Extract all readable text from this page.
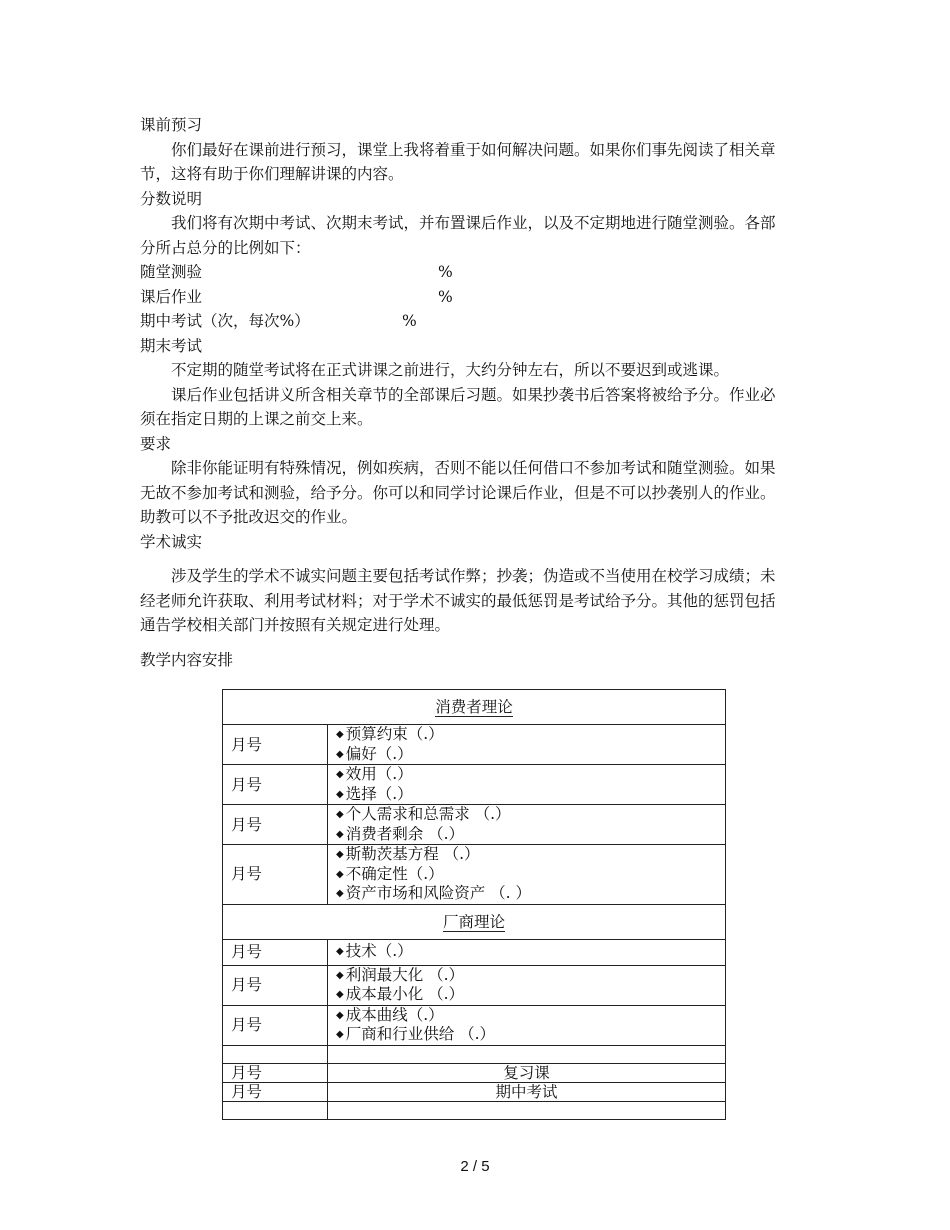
课前预习

你们最好在课前进行预习，课堂上我将着重于如何解决问题。如果你们事先阅读了相关章节，这将有助于你们理解讲课的内容。

分数说明

我们将有次期中考试、次期末考试，并布置课后作业，以及不定期地进行随堂测验。各部分所占总分的比例如下：

随堂测验	%
课后作业	%
期中考试（次，每次%）	%

期末考试

不定期的随堂考试将在正式讲课之前进行，大约分钟左右，所以不要迟到或逃课。

课后作业包括讲义所含相关章节的全部课后习题。如果抄袭书后答案将被给予分。作业必须在指定日期的上课之前交上来。

要求

除非你能证明有特殊情况，例如疾病，否则不能以任何借口不参加考试和随堂测验。如果无故不参加考试和测验，给予分。你可以和同学讨论课后作业，但是不可以抄袭别人的作业。助教可以不予批改迟交的作业。

学术诚实

涉及学生的学术不诚实问题主要包括考试作弊；抄袭；伪造或不当使用在校学习成绩；未经老师允许获取、利用考试材料；对于学术不诚实的最低惩罚是考试给予分。其他的惩罚包括通告学校相关部门并按照有关规定进行处理。

教学内容安排

消费者理论	
月号	◆ 预算约束（.）
◆ 偏好（.）

月号	◆ 效用（.）
◆ 选择（.）

月号	◆ 个人需求和总需求 （.）
◆ 消费者剩余 （.）

月号	◆ 斯勒茨基方程 （.）
◆ 不确定性（.）
◆ 资产市场和风险资产 （. ）

厂商理论	
月号	◆ 技术（.）

月号	◆ 利润最大化 （.）
◆ 成本最小化 （.）

月号	◆ 成本曲线（.）
◆ 厂商和行业供给 （.）

月号	复习课
月号	期中考试

2 / 5
